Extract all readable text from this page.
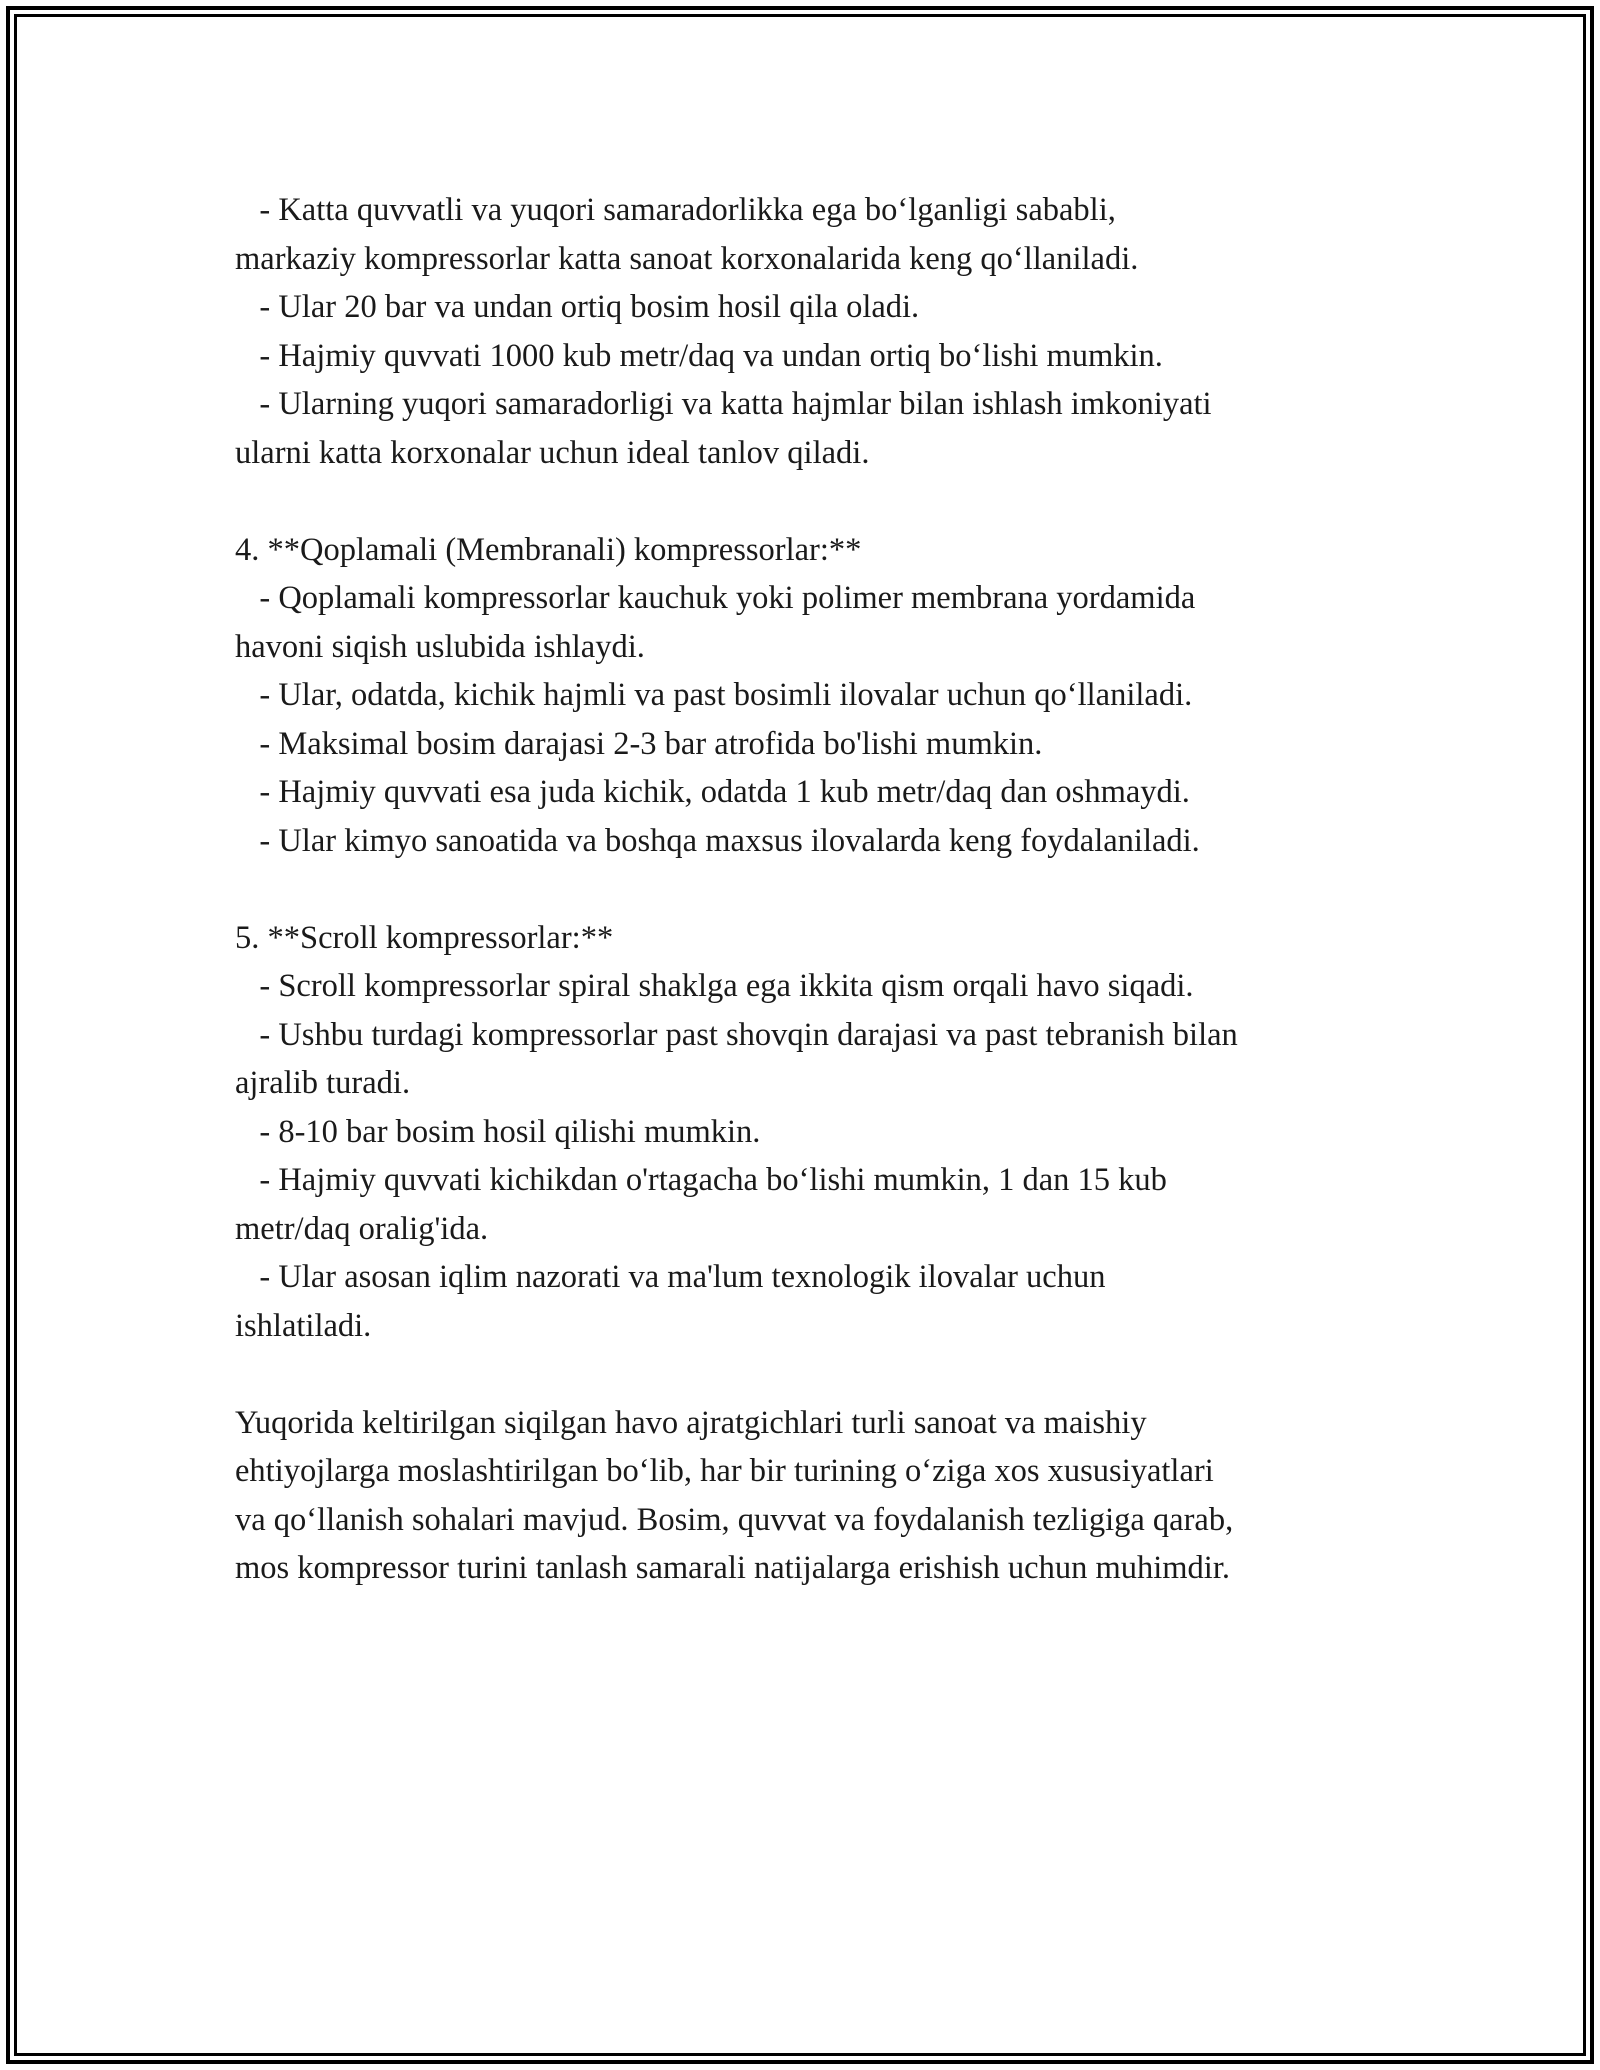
- Katta quvvatli va yuqori samaradorlikka ega bo‘lganligi sababli,
markaziy kompressorlar katta sanoat korxonalarida keng qo‘llaniladi.
- Ular 20 bar va undan ortiq bosim hosil qila oladi.
- Hajmiy quvvati 1000 kub metr/daq va undan ortiq bo‘lishi mumkin.
- Ularning yuqori samaradorligi va katta hajmlar bilan ishlash imkoniyati
ularni katta korxonalar uchun ideal tanlov qiladi.
4. **Qoplamali (Membranali) kompressorlar:**
- Qoplamali kompressorlar kauchuk yoki polimer membrana yordamida
havoni siqish uslubida ishlaydi.
- Ular, odatda, kichik hajmli va past bosimli ilovalar uchun qo‘llaniladi.
- Maksimal bosim darajasi 2-3 bar atrofida bo'lishi mumkin.
- Hajmiy quvvati esa juda kichik, odatda 1 kub metr/daq dan oshmaydi.
- Ular kimyo sanoatida va boshqa maxsus ilovalarda keng foydalaniladi.
5. **Scroll kompressorlar:**
- Scroll kompressorlar spiral shaklga ega ikkita qism orqali havo siqadi.
- Ushbu turdagi kompressorlar past shovqin darajasi va past tebranish bilan
ajralib turadi.
- 8-10 bar bosim hosil qilishi mumkin.
- Hajmiy quvvati kichikdan o'rtagacha bo‘lishi mumkin, 1 dan 15 kub
metr/daq oralig'ida.
- Ular asosan iqlim nazorati va ma'lum texnologik ilovalar uchun
ishlatiladi.
Yuqorida keltirilgan siqilgan havo ajratgichlari turli sanoat va maishiy
ehtiyojlarga moslashtirilgan bo‘lib, har bir turining o‘ziga xos xususiyatlari
va qo‘llanish sohalari mavjud. Bosim, quvvat va foydalanish tezligiga qarab,
mos kompressor turini tanlash samarali natijalarga erishish uchun muhimdir.
